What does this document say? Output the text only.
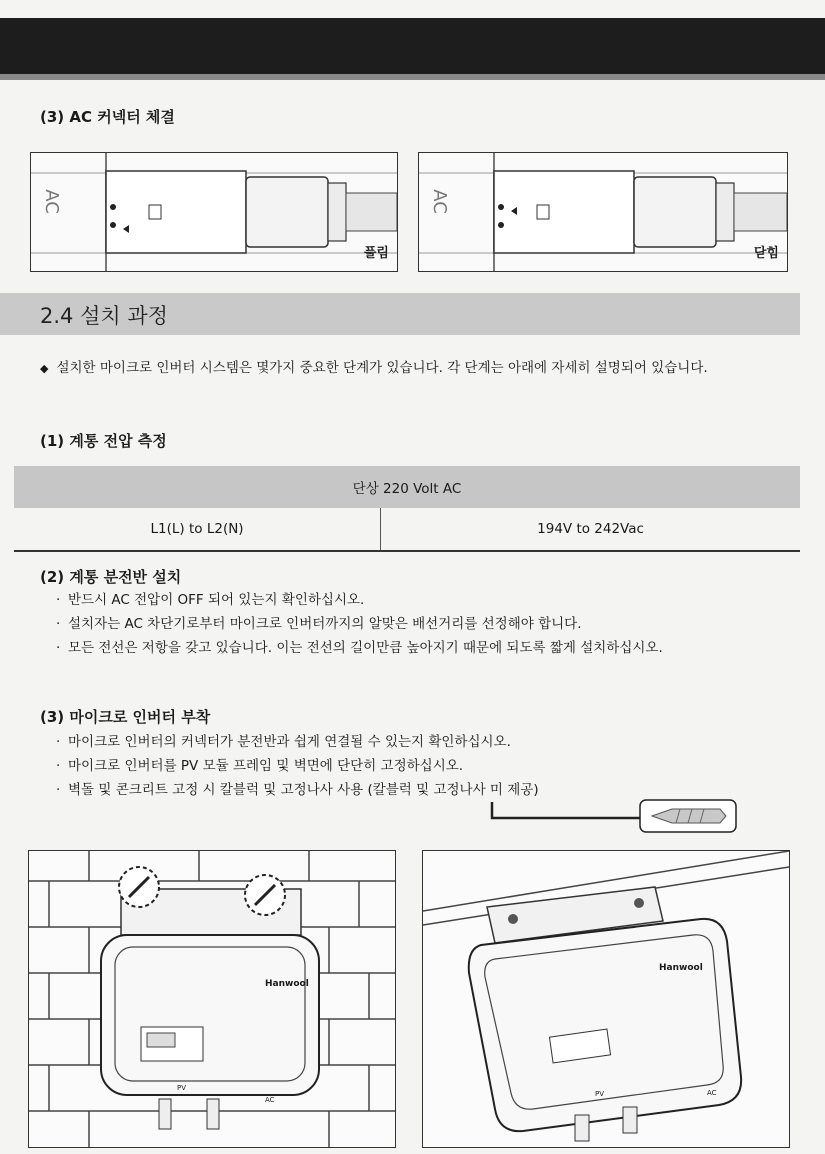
(3) AC 커넥터 체결
AC
풀림
AC
닫힘
2.4 설치 과정
◆ 설치한 마이크로 인버터 시스템은 몇가지 중요한 단계가 있습니다. 각 단계는 아래에 자세히 설명되어 있습니다.
(1) 계통 전압 측정
단상 220 Volt AC
L1(L) to L2(N)	194V to 242Vac
(2) 계통 분전반 설치
· 반드시 AC 전압이 OFF 되어 있는지 확인하십시오.
· 설치자는 AC 차단기로부터 마이크로 인버터까지의 알맞은 배선거리를 선정해야 합니다.
· 모든 전선은 저항을 갖고 있습니다. 이는 전선의 길이만큼 높아지기 때문에 되도록 짧게 설치하십시오.
(3) 마이크로 인버터 부착
· 마이크로 인버터의 커넥터가 분전반과 쉽게 연결될 수 있는지 확인하십시오.
· 마이크로 인버터를 PV 모듈 프레임 및 벽면에 단단히 고정하십시오.
· 벽돌 및 콘크리트 고정 시 칼블럭 및 고정나사 사용 (칼블럭 및 고정나사 미 제공)
Hanwool
PV
AC
Hanwool
PV	AC
